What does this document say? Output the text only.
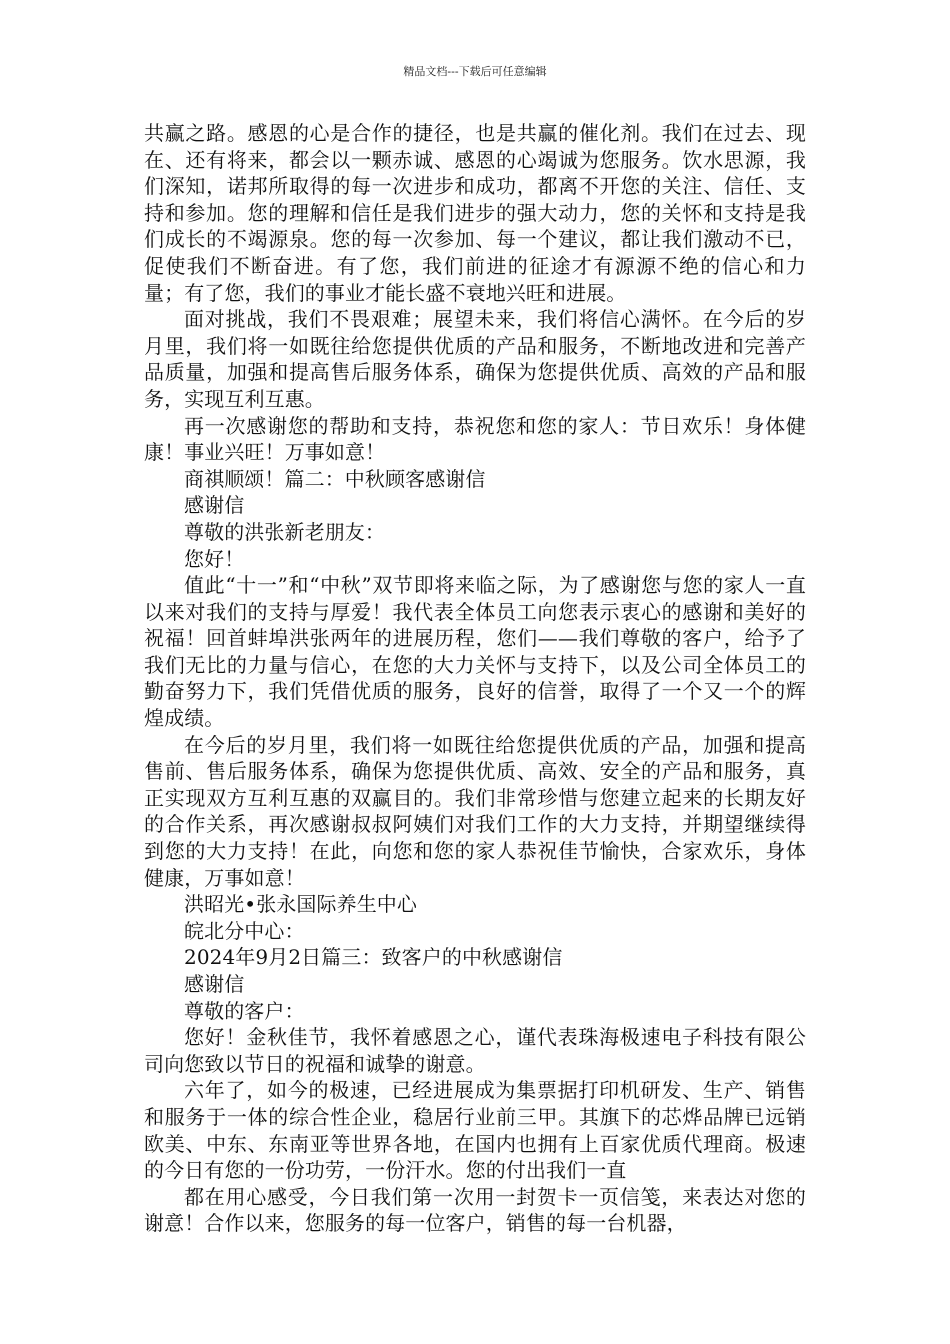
精品文档---下载后可任意编辑

共赢之路。感恩的心是合作的捷径，也是共赢的催化剂。我们在过去、现在、还有将来，都会以一颗赤诚、感恩的心竭诚为您服务。饮水思源，我们深知，诺邦所取得的每一次进步和成功，都离不开您的关注、信任、支持和参加。您的理解和信任是我们进步的强大动力，您的关怀和支持是我们成长的不竭源泉。您的每一次参加、每一个建议，都让我们激动不已，促使我们不断奋进。有了您，我们前进的征途才有源源不绝的信心和力量；有了您，我们的事业才能长盛不衰地兴旺和进展。

面对挑战，我们不畏艰难；展望未来，我们将信心满怀。在今后的岁月里，我们将一如既往给您提供优质的产品和服务，不断地改进和完善产品质量，加强和提高售后服务体系，确保为您提供优质、高效的产品和服务，实现互利互惠。

再一次感谢您的帮助和支持，恭祝您和您的家人：节日欢乐！身体健康！事业兴旺！万事如意！

商祺顺颂！篇二：中秋顾客感谢信

感谢信

尊敬的洪张新老朋友：

您好！

值此“十一”和“中秋”双节即将来临之际，为了感谢您与您的家人一直以来对我们的支持与厚爱！我代表全体员工向您表示衷心的感谢和美好的祝福！回首蚌埠洪张两年的进展历程，您们——我们尊敬的客户，给予了我们无比的力量与信心，在您的大力关怀与支持下，以及公司全体员工的勤奋努力下，我们凭借优质的服务，良好的信誉，取得了一个又一个的辉煌成绩。

在今后的岁月里，我们将一如既往给您提供优质的产品，加强和提高售前、售后服务体系，确保为您提供优质、高效、安全的产品和服务，真正实现双方互利互惠的双赢目的。我们非常珍惜与您建立起来的长期友好的合作关系，再次感谢叔叔阿姨们对我们工作的大力支持，并期望继续得到您的大力支持！在此，向您和您的家人恭祝佳节愉快，合家欢乐，身体健康，万事如意！

洪昭光•张永国际养生中心

皖北分中心：

2024年9月2日篇三：致客户的中秋感谢信

感谢信

尊敬的客户：

您好！金秋佳节，我怀着感恩之心，谨代表珠海极速电子科技有限公司向您致以节日的祝福和诚挚的谢意。

六年了，如今的极速，已经进展成为集票据打印机研发、生产、销售和服务于一体的综合性企业，稳居行业前三甲。其旗下的芯烨品牌已远销欧美、中东、东南亚等世界各地，在国内也拥有上百家优质代理商。极速的今日有您的一份功劳，一份汗水。您的付出我们一直

都在用心感受，今日我们第一次用一封贺卡一页信笺，来表达对您的谢意！合作以来，您服务的每一位客户，销售的每一台机器，
